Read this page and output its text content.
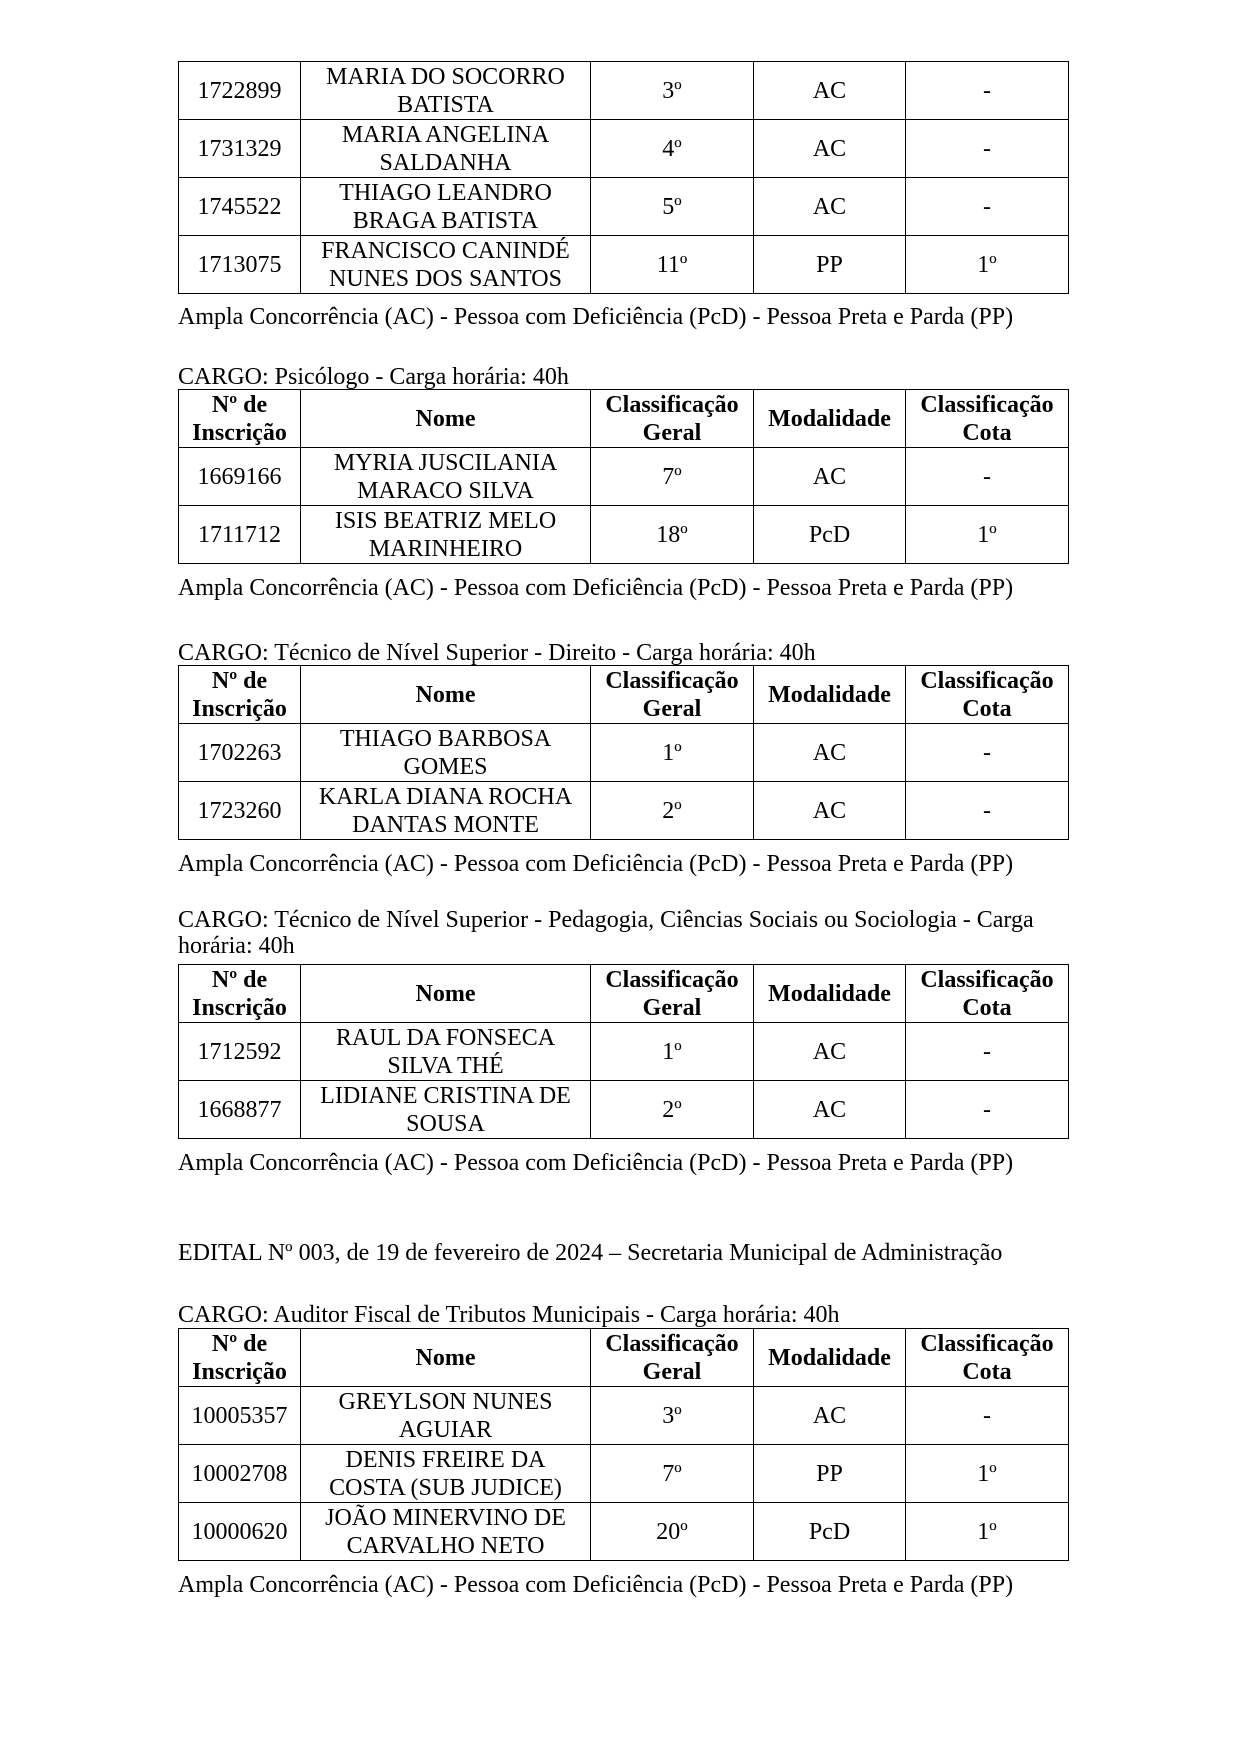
1722899	MARIA DO SOCORRO BATISTA	3º	AC	-
1731329	MARIA ANGELINA SALDANHA	4º	AC	-
1745522	THIAGO LEANDRO BRAGA BATISTA	5º	AC	-
1713075	FRANCISCO CANINDÉ NUNES DOS SANTOS	11º	PP	1º
Ampla Concorrência (AC) - Pessoa com Deficiência (PcD) - Pessoa Preta e Parda (PP)
CARGO: Psicólogo - Carga horária: 40h
Nº de Inscrição	Nome	Classificação Geral	Modalidade	Classificação Cota
1669166	MYRIA JUSCILANIA MARACO SILVA	7º	AC	-
1711712	ISIS BEATRIZ MELO MARINHEIRO	18º	PcD	1º
Ampla Concorrência (AC) - Pessoa com Deficiência (PcD) - Pessoa Preta e Parda (PP)
CARGO: Técnico de Nível Superior - Direito - Carga horária: 40h
Nº de Inscrição	Nome	Classificação Geral	Modalidade	Classificação Cota
1702263	THIAGO BARBOSA GOMES	1º	AC	-
1723260	KARLA DIANA ROCHA DANTAS MONTE	2º	AC	-
Ampla Concorrência (AC) - Pessoa com Deficiência (PcD) - Pessoa Preta e Parda (PP)
CARGO: Técnico de Nível Superior - Pedagogia, Ciências Sociais ou Sociologia - Carga horária: 40h
Nº de Inscrição	Nome	Classificação Geral	Modalidade	Classificação Cota
1712592	RAUL DA FONSECA SILVA THÉ	1º	AC	-
1668877	LIDIANE CRISTINA DE SOUSA	2º	AC	-
Ampla Concorrência (AC) - Pessoa com Deficiência (PcD) - Pessoa Preta e Parda (PP)
EDITAL Nº 003, de 19 de fevereiro de 2024 – Secretaria Municipal de Administração
CARGO: Auditor Fiscal de Tributos Municipais - Carga horária: 40h
Nº de Inscrição	Nome	Classificação Geral	Modalidade	Classificação Cota
10005357	GREYLSON NUNES AGUIAR	3º	AC	-
10002708	DENIS FREIRE DA COSTA (SUB JUDICE)	7º	PP	1º
10000620	JOÃO MINERVINO DE CARVALHO NETO	20º	PcD	1º
Ampla Concorrência (AC) - Pessoa com Deficiência (PcD) - Pessoa Preta e Parda (PP)
